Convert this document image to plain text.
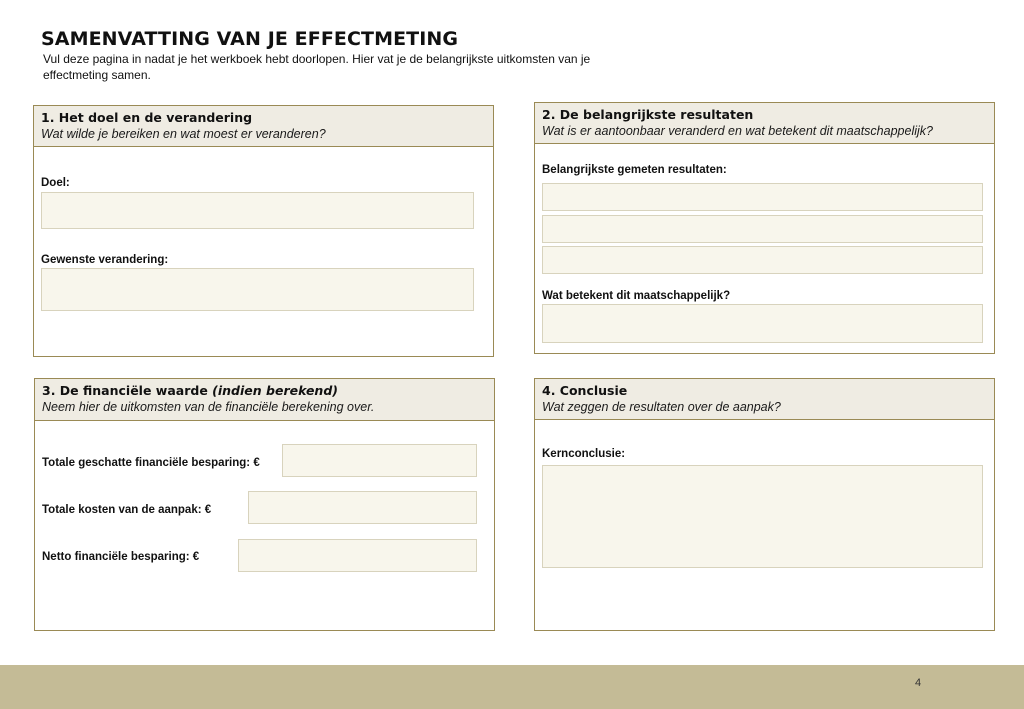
SAMENVATTING VAN JE EFFECTMETING
Vul deze pagina in nadat je het werkboek hebt doorlopen. Hier vat je de belangrijkste uitkomsten van je effectmeting samen.
1. Het doel en de verandering
Wat wilde je bereiken en wat moest er veranderen?
Doel:
Gewenste verandering:
2. De belangrijkste resultaten
Wat is er aantoonbaar veranderd en wat betekent dit maatschappelijk?
Belangrijkste gemeten resultaten:
Wat betekent dit maatschappelijk?
3. De financiële waarde (indien berekend)
Neem hier de uitkomsten van de financiële berekening over.
Totale geschatte financiële besparing: €
Totale kosten van de aanpak: €
Netto financiële besparing: €
4. Conclusie
Wat zeggen de resultaten over de aanpak?
Kernconclusie:
4
